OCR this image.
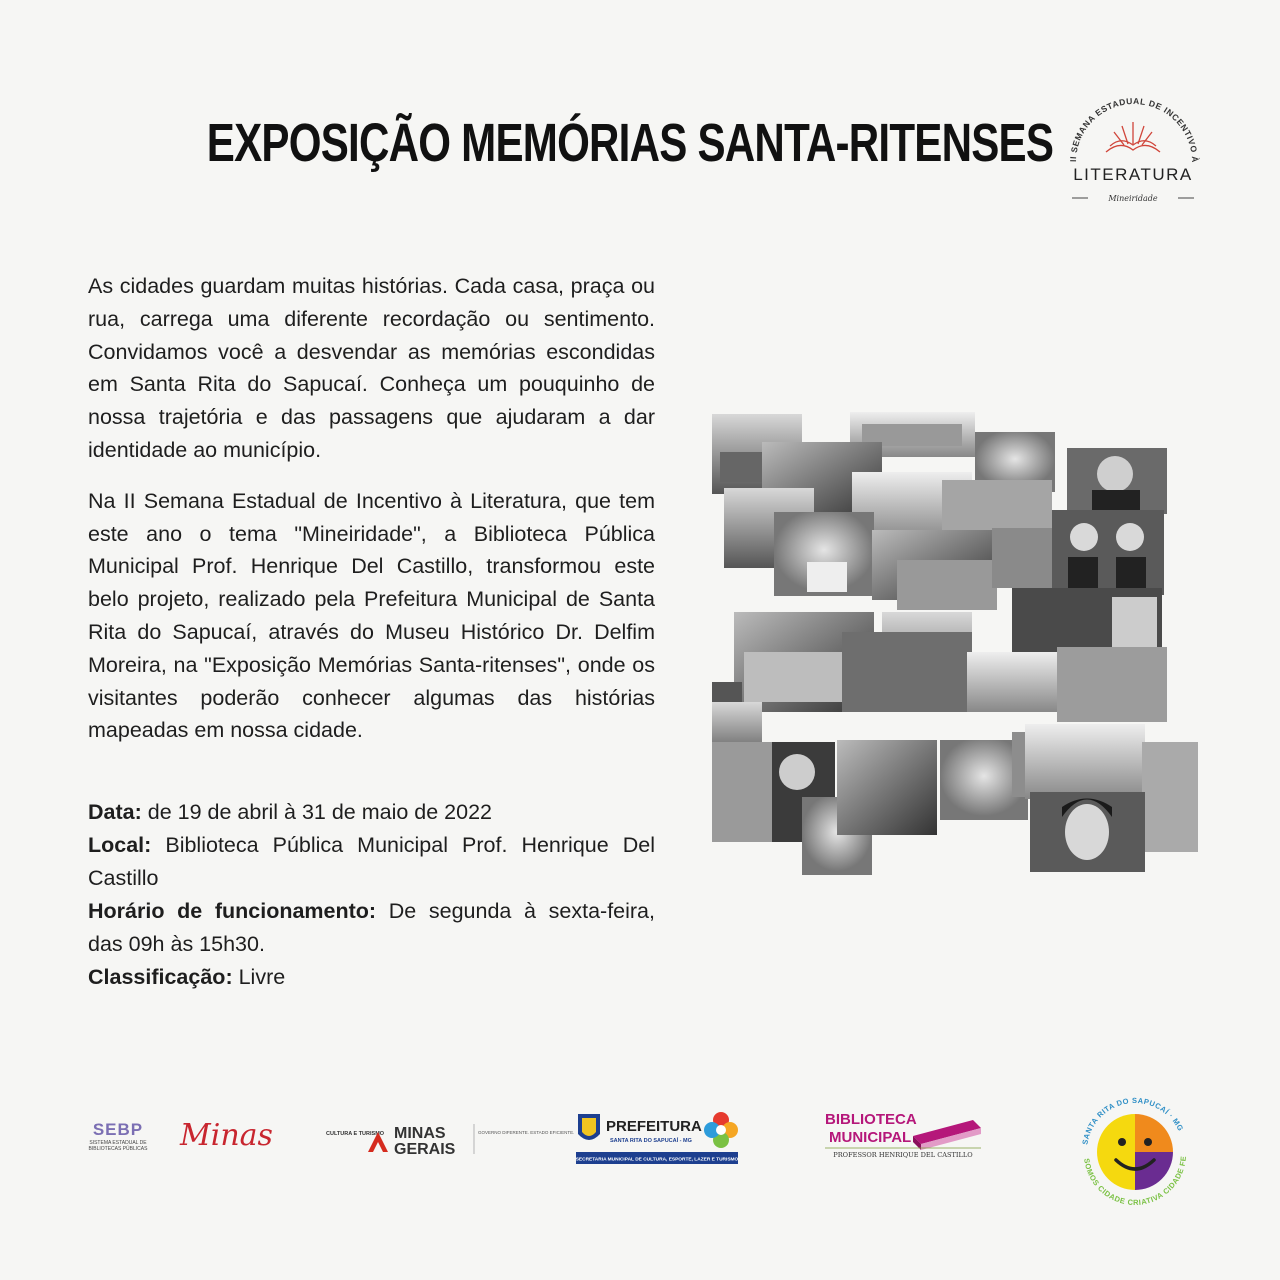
EXPOSIÇÃO MEMÓRIAS SANTA-RITENSES	II SEMANA ESTADUAL DE INCENTIVO À
LITERATURA
Mineiridade

As cidades guardam muitas histórias. Cada casa, praça ou rua, carrega uma diferente recordação ou sentimento. Convidamos você a desvendar as memórias escondidas em Santa Rita do Sapucaí. Conheça um pouquinho de nossa trajetória e das passagens que ajudaram a dar identidade ao município.

Na II Semana Estadual de Incentivo à Literatura, que tem este ano o tema "Mineiridade", a Biblioteca Pública Municipal Prof. Henrique Del Castillo, transformou este belo projeto, realizado pela Prefeitura Municipal de Santa Rita do Sapucaí, através do Museu Histórico Dr. Delfim Moreira, na "Exposição Memórias Santa-ritenses", onde os visitantes poderão conhecer algumas das histórias mapeadas em nossa cidade.

Data: de 19 de abril à 31 de maio de 2022

Local: Biblioteca Pública Municipal Prof. Henrique Del Castillo

Horário de funcionamento: De segunda à sexta-feira, das 09h às 15h30.

Classificação: Livre

SEBP
SISTEMA ESTADUAL DE BIBLIOTECAS PÚBLICAS Minas	CULTURA E TURISMO MINAS
GERAIS
GOVERNO DIFERENTE. ESTADO EFICIENTE. PREFEITURA
SANTA RITA DO SAPUCAÍ - MG
SECRETARIA MUNICIPAL DE CULTURA, ESPORTE, LAZER E TURISMO
BIBLIOTECA
MUNICIPAL
PROFESSOR HENRIQUE DEL CASTILLO
SANTA RITA DO SAPUCAÍ · MG
SOMOS CIDADE CRIATIVA CIDADE FE
